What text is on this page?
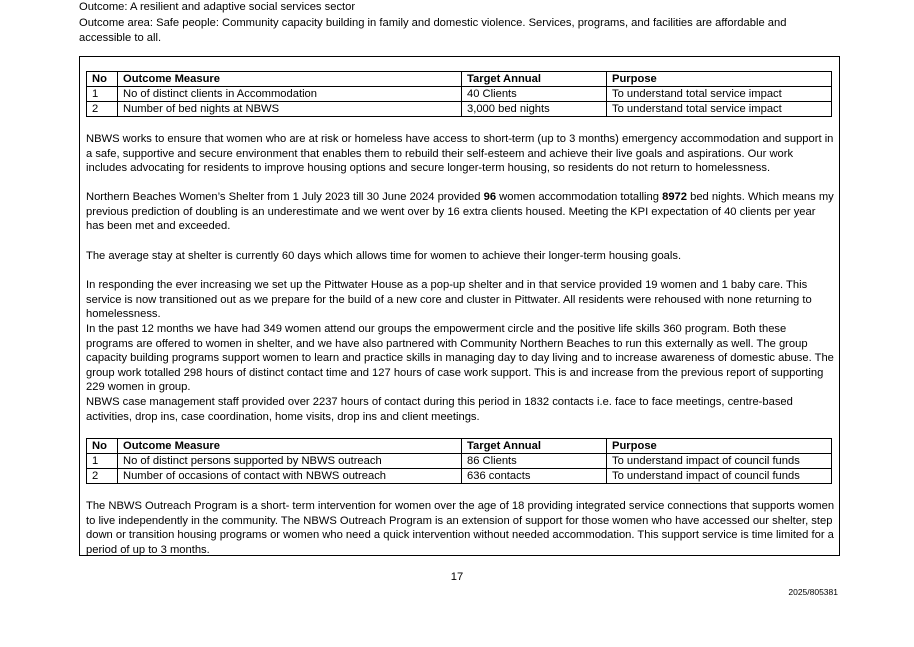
Outcome: A resilient and adaptive social services sector
Outcome area: Safe people: Community capacity building in family and domestic violence. Services, programs, and facilities are affordable and accessible to all.
No	Outcome Measure	Target Annual	Purpose
1	No of distinct clients in Accommodation	40 Clients	To understand total service impact
2	Number of bed nights at NBWS	3,000 bed nights	To understand total service impact
NBWS works to ensure that women who are at risk or homeless have access to short-term (up to 3 months) emergency accommodation and support in a safe, supportive and secure environment that enables them to rebuild their self-esteem and achieve their live goals and aspirations. Our work includes advocating for residents to improve housing options and secure longer-term housing, so residents do not return to homelessness.
Northern Beaches Women’s Shelter from 1 July 2023 till 30 June 2024 provided 96 women accommodation totalling 8972 bed nights. Which means my previous prediction of doubling is an underestimate and we went over by 16 extra clients housed. Meeting the KPI expectation of 40 clients per year has been met and exceeded.
The average stay at shelter is currently 60 days which allows time for women to achieve their longer-term housing goals.
In responding the ever increasing we set up the Pittwater House as a pop-up shelter and in that service provided 19 women and 1 baby care. This service is now transitioned out as we prepare for the build of a new core and cluster in Pittwater. All residents were rehoused with none returning to homelessness.
In the past 12 months we have had 349 women attend our groups the empowerment circle and the positive life skills 360 program. Both these programs are offered to women in shelter, and we have also partnered with Community Northern Beaches to run this externally as well. The group capacity building programs support women to learn and practice skills in managing day to day living and to increase awareness of domestic abuse. The group work totalled 298 hours of distinct contact time and 127 hours of case work support. This is and increase from the previous report of supporting 229 women in group.
NBWS case management staff provided over 2237 hours of contact during this period in 1832 contacts i.e. face to face meetings, centre-based activities, drop ins, case coordination, home visits, drop ins and client meetings.
No	Outcome Measure	Target Annual	Purpose
1	No of distinct persons supported by NBWS outreach	86 Clients	To understand impact of council funds
2	Number of occasions of contact with NBWS outreach	636 contacts	To understand impact of council funds
The NBWS Outreach Program is a short- term intervention for women over the age of 18 providing integrated service connections that supports women to live independently in the community. The NBWS Outreach Program is an extension of support for those women who have accessed our shelter, step down or transition housing programs or women who need a quick intervention without needed accommodation. This support service is time limited for a period of up to 3 months.
17
2025/805381
